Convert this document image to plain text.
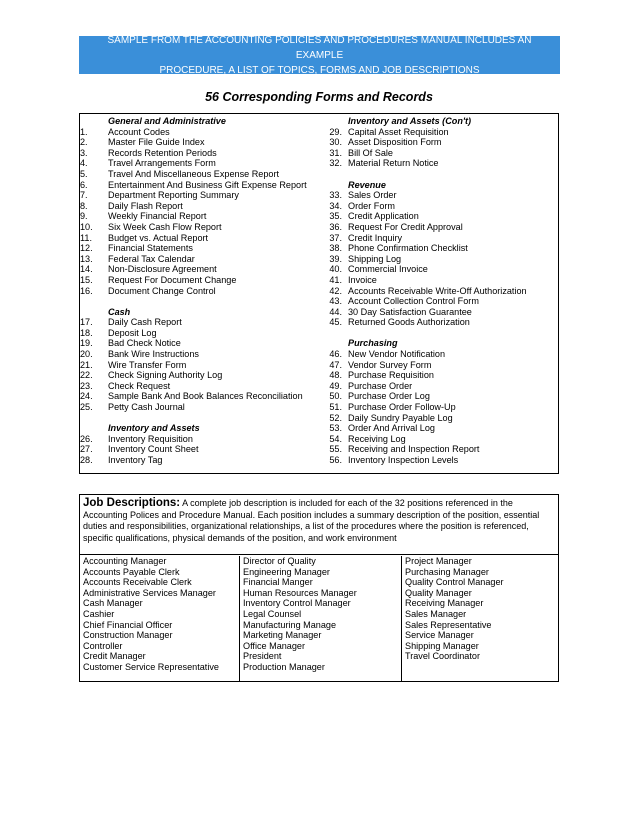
SAMPLE FROM THE ACCOUNTING POLICIES AND PROCEDURES MANUAL INCLUDES AN EXAMPLE
PROCEDURE, A LIST OF TOPICS, FORMS AND JOB DESCRIPTIONS
56 Corresponding Forms and Records
General and Administrative
1.	Account Codes
2.	Master File Guide Index
3.	Records Retention Periods
4.	Travel Arrangements Form
5.	Travel And Miscellaneous Expense Report
6.	Entertainment And Business Gift Expense Report
7.	Department Reporting Summary
8.	Daily Flash Report
9.	Weekly Financial Report
10.	Six Week Cash Flow Report
11.	Budget vs. Actual Report
12.	Financial Statements
13.	Federal Tax Calendar
14.	Non-Disclosure Agreement
15.	Request For Document Change
16.	Document Change Control
Cash
17.	Daily Cash Report
18.	Deposit Log
19.	Bad Check Notice
20.	Bank Wire Instructions
21.	Wire Transfer Form
22.	Check Signing Authority Log
23.	Check Request
24.	Sample Bank And Book Balances Reconciliation
25.	Petty Cash Journal
Inventory and Assets
26.	Inventory Requisition
27.	Inventory Count Sheet
28.	Inventory Tag
Inventory and Assets (Con't)
29. Capital Asset Requisition
30. Asset Disposition Form
31. Bill Of Sale
32. Material Return Notice
Revenue
33. Sales Order
34. Order Form
35. Credit Application
36. Request For Credit Approval
37. Credit Inquiry
38. Phone Confirmation Checklist
39. Shipping Log
40. Commercial Invoice
41. Invoice
42. Accounts Receivable Write-Off Authorization
43. Account Collection Control Form
44. 30 Day Satisfaction Guarantee
45. Returned Goods Authorization
Purchasing
46. New Vendor Notification
47. Vendor Survey Form
48. Purchase Requisition
49. Purchase Order
50. Purchase Order Log
51. Purchase Order Follow-Up
52. Daily Sundry Payable Log
53. Order And Arrival Log
54. Receiving Log
55. Receiving and Inspection Report
56. Inventory Inspection Levels
Job Descriptions: A complete job description is included for each of the 32 positions referenced in the Accounting Polices and Procedure Manual. Each position includes a summary description of the position, essential duties and responsibilities, organizational relationships, a list of the procedures where the position is referenced, specific qualifications, physical demands of the position, and work environment
Accounting Manager
Accounts Payable Clerk
Accounts Receivable Clerk
Administrative Services Manager
Cash Manager
Cashier
Chief Financial Officer
Construction Manager
Controller
Credit Manager
Customer Service Representative
Director of Quality
Engineering Manager
Financial Manger
Human Resources Manager
Inventory Control Manager
Legal Counsel
Manufacturing Manage
Marketing Manager
Office Manager
President
Production Manager
Project Manager
Purchasing Manager
Quality Control Manager
Quality Manager
Receiving Manager
Sales Manager
Sales Representative
Service Manager
Shipping Manager
Travel Coordinator
